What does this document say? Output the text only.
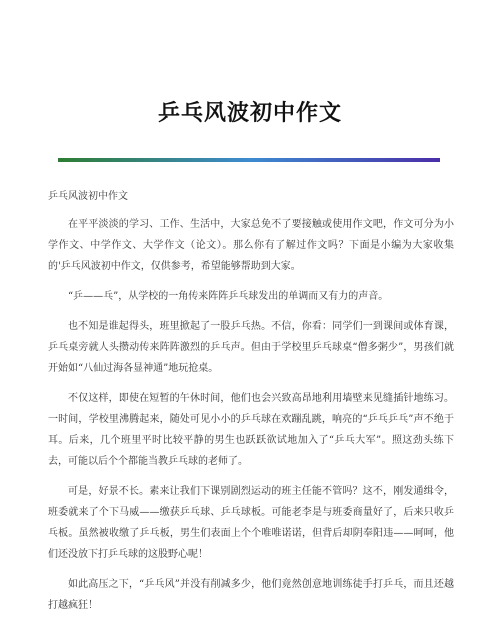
乒乓风波初中作文

乒乓风波初中作文

在平平淡淡的学习、工作、生活中，大家总免不了要接触或使用作文吧，作文可分为小学作文、中学作文、大学作文（论文）。那么你有了解过作文吗？下面是小编为大家收集的'乒乓风波初中作文，仅供参考，希望能够帮助到大家。

“乒——乓”，从学校的一角传来阵阵乒乓球发出的单调而又有力的声音。

也不知是谁起得头，班里掀起了一股乒乓热。不信，你看：同学们一到课间或体育课，乒乓桌旁就人头攒动传来阵阵激烈的乒乓声。但由于学校里乒乓球桌“僧多粥少”，男孩们就开始如“八仙过海各显神通”地玩抢桌。

不仅这样，即使在短暂的午休时间，他们也会兴致高昂地利用墙壁来见缝插针地练习。一时间，学校里沸腾起来，随处可见小小的乒乓球在欢蹦乱跳，响亮的“乒乓乒乓”声不绝于耳。后来，几个班里平时比较平静的男生也跃跃欲试地加入了“乒乓大军”。照这劲头练下去，可能以后个个都能当教乒乓球的老师了。

可是，好景不长。素来让我们下课别剧烈运动的班主任能不管吗？这不，刚发通缉令，班委就来了个下马威——缴获乒乓球、乒乓球板。可能老李是与班委商量好了，后来只收乒乓板。虽然被收缴了乒乓板，男生们表面上个个唯唯诺诺，但背后却阴奉阳违——呵呵，他们还没放下打乒乓球的这股野心呢！

如此高压之下，“乒乓风”并没有削减多少，他们竟然创意地训练徒手打乒乓，而且还越打越疯狂！
